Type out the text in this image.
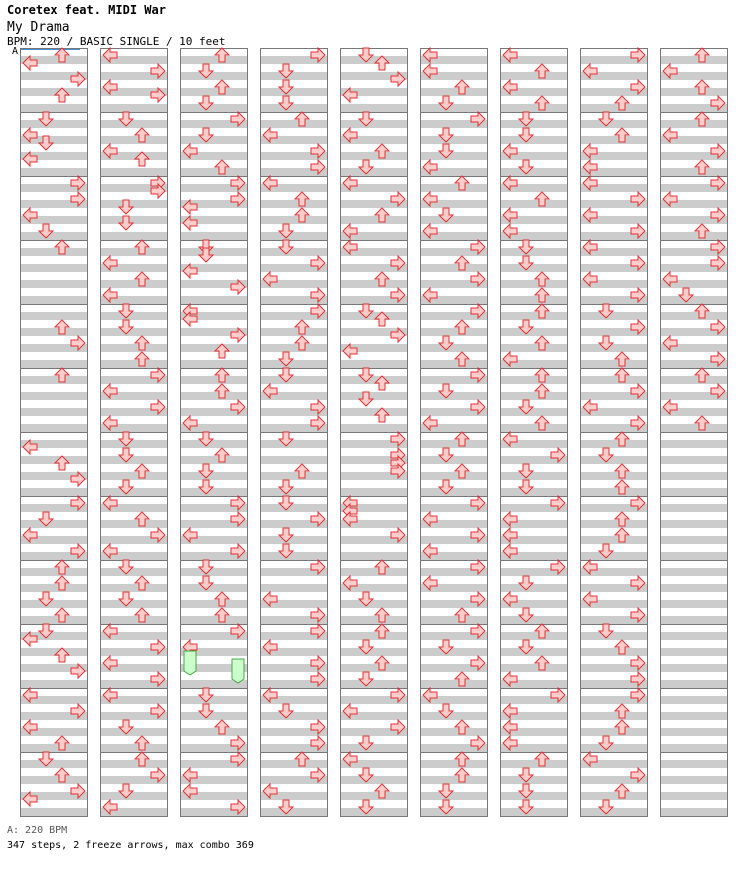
Coretex feat. MIDI War
My Drama
BPM: 220 / BASIC SINGLE / 10 feet
A
A: 220 BPM
347 steps, 2 freeze arrows, max combo 369
